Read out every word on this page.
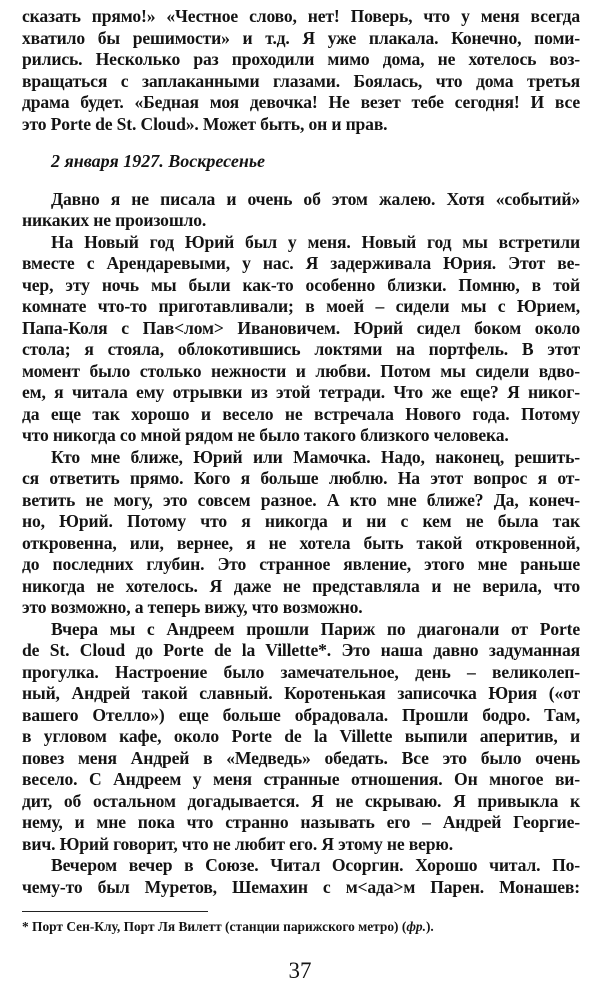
сказать прямо!» «Честное слово, нет! Поверь, что у меня всегда
хватило бы решимости» и т.д. Я уже плакала. Конечно, поми-
рились. Несколько раз проходили мимо дома, не хотелось воз-
вращаться с заплаканными глазами. Боялась, что дома третья
драма будет. «Бедная моя девочка! Не везет тебе сегодня! И все
это Porte de St. Cloud». Может быть, он и прав.
2 января 1927. Воскресенье
Давно я не писала и очень об этом жалею. Хотя «событий»
никаких не произошло.
На Новый год Юрий был у меня. Новый год мы встретили
вместе с Арендаревыми, у нас. Я задерживала Юрия. Этот ве-
чер, эту ночь мы были как-то особенно близки. Помню, в той
комнате что-то приготавливали; в моей – сидели мы с Юрием,
Папа-Коля с Пав<лом> Ивановичем. Юрий сидел боком около
стола; я стояла, облокотившись локтями на портфель. В этот
момент было столько нежности и любви. Потом мы сидели вдво-
ем, я читала ему отрывки из этой тетради. Что же еще? Я никог-
да еще так хорошо и весело не встречала Нового года. Потому
что никогда со мной рядом не было такого близкого человека.
Кто мне ближе, Юрий или Мамочка. Надо, наконец, решить-
ся ответить прямо. Кого я больше люблю. На этот вопрос я от-
ветить не могу, это совсем разное. А кто мне ближе? Да, конеч-
но, Юрий. Потому что я никогда и ни с кем не была так
откровенна, или, вернее, я не хотела быть такой откровенной,
до последних глубин. Это странное явление, этого мне раньше
никогда не хотелось. Я даже не представляла и не верила, что
это возможно, а теперь вижу, что возможно.
Вчера мы с Андреем прошли Париж по диагонали от Porte
de St. Cloud до Porte de la Villette*. Это наша давно задуманная
прогулка. Настроение было замечательное, день – великолеп-
ный, Андрей такой славный. Коротенькая записочка Юрия («от
вашего Отелло») еще больше обрадовала. Прошли бодро. Там,
в угловом кафе, около Porte de la Villette выпили аперитив, и
повез меня Андрей в «Медведь» обедать. Все это было очень
весело. С Андреем у меня странные отношения. Он многое ви-
дит, об остальном догадывается. Я не скрываю. Я привыкла к
нему, и мне пока что странно называть его – Андрей Георгие-
вич. Юрий говорит, что не любит его. Я этому не верю.
Вечером вечер в Союзе. Читал Осоргин. Хорошо читал. По-
чему-то был Муретов, Шемахин с м<ада>м Парен. Монашев:
* Порт Сен-Клу, Порт Ля Вилетт (станции парижского метро) (фр.).
37
